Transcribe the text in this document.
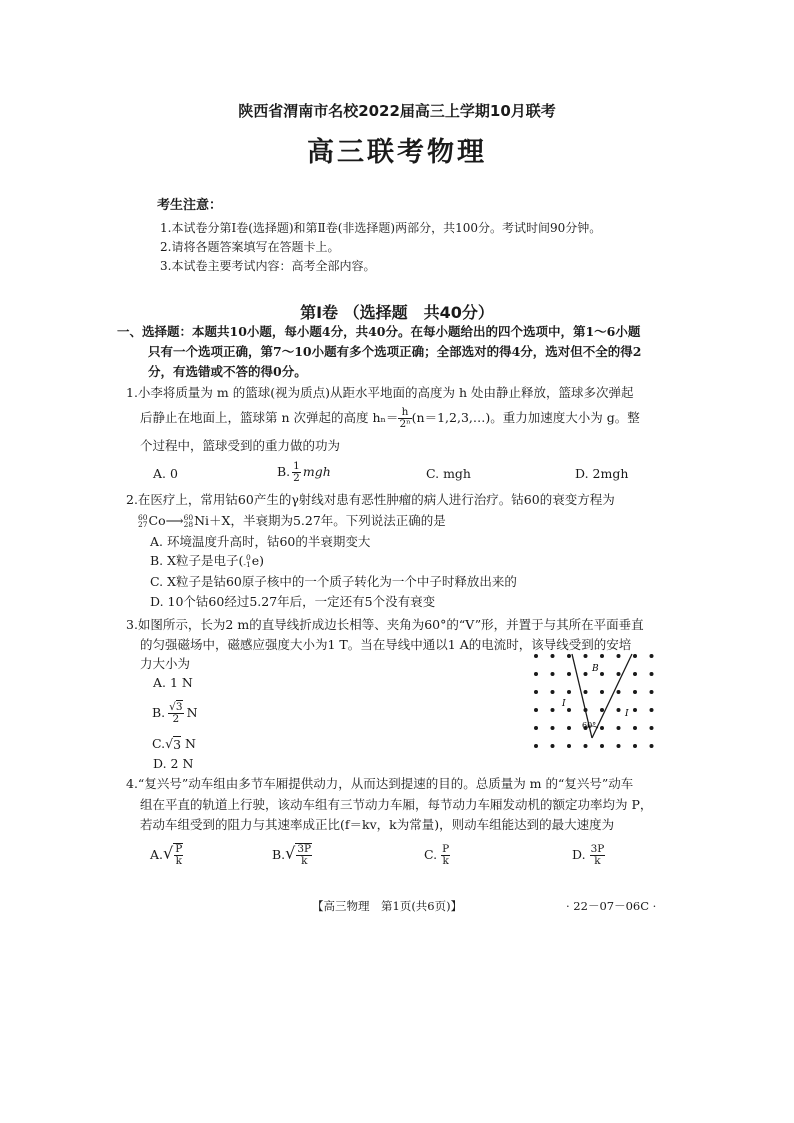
陕西省渭南市名校2022届高三上学期10月联考
高三联考物理
考生注意：
1.本试卷分第Ⅰ卷(选择题)和第Ⅱ卷(非选择题)两部分，共100分。考试时间90分钟。
2.请将各题答案填写在答题卡上。
3.本试卷主要考试内容：高考全部内容。
第Ⅰ卷 （选择题　共40分）
一、选择题：本题共10小题，每小题4分，共40分。在每小题给出的四个选项中，第1～6小题
只有一个选项正确，第7～10小题有多个选项正确；全部选对的得4分，选对但不全的得2
分，有选错或不答的得0分。
1.小李将质量为 m 的篮球(视为质点)从距水平地面的高度为 h 处由静止释放，篮球多次弹起
后静止在地面上，篮球第 n 次弹起的高度 $h_n= \frac{h}{\text{2ⁿ}}$ (n＝1,2,3,…)。重力加速度大小为 g。整
个过程中，篮球受到的重力做的功为
A. 0	B. $\frac{1}{2}$ mgh	C. mgh	D. 2mgh
2.在医疗上，常用钴60产生的γ射线对患有恶性肿瘤的病人进行治疗。钴60的衰变方程为
60
27 Co ⟶ 60
28 Ni ＋X，半衰期为5.27年。下列说法正确的是
A. 环境温度升高时，钴60的半衰期变大
B. X粒子是电子( 0
-1 e)
C. X粒子是钴60原子核中的一个质子转化为一个中子时释放出来的
D. 10个钴60经过5.27年后，一定还有5个没有衰变
3.如图所示，长为2 m的直导线折成边长相等、夹角为60°的“V”形，并置于与其所在平面垂直
的匀强磁场中，磁感应强度大小为1 T。当在导线中通以1 A的电流时，该导线受到的安培
力大小为
A. 1 N
B. $\frac{√3}{2}$ N
C. √ 3 N
D. 2 N
B
I
I
60°
4.“复兴号”动车组由多节车厢提供动力，从而达到提速的目的。总质量为 m 的“复兴号”动车
组在平直的轨道上行驶，该动车组有三节动力车厢，每节动力车厢发动机的额定功率均为 P，
若动车组受到的阻力与其速率成正比(f＝kv，k为常量)，则动车组能达到的最大速度为
A. √ $\frac{P}{k}$	B. √ $\frac{3P}{k}$	C. $\frac{P}{k}$	D. $\frac{3P}{k}$
【高三物理　第1页(共6页)】	· 22－07－06C ·
